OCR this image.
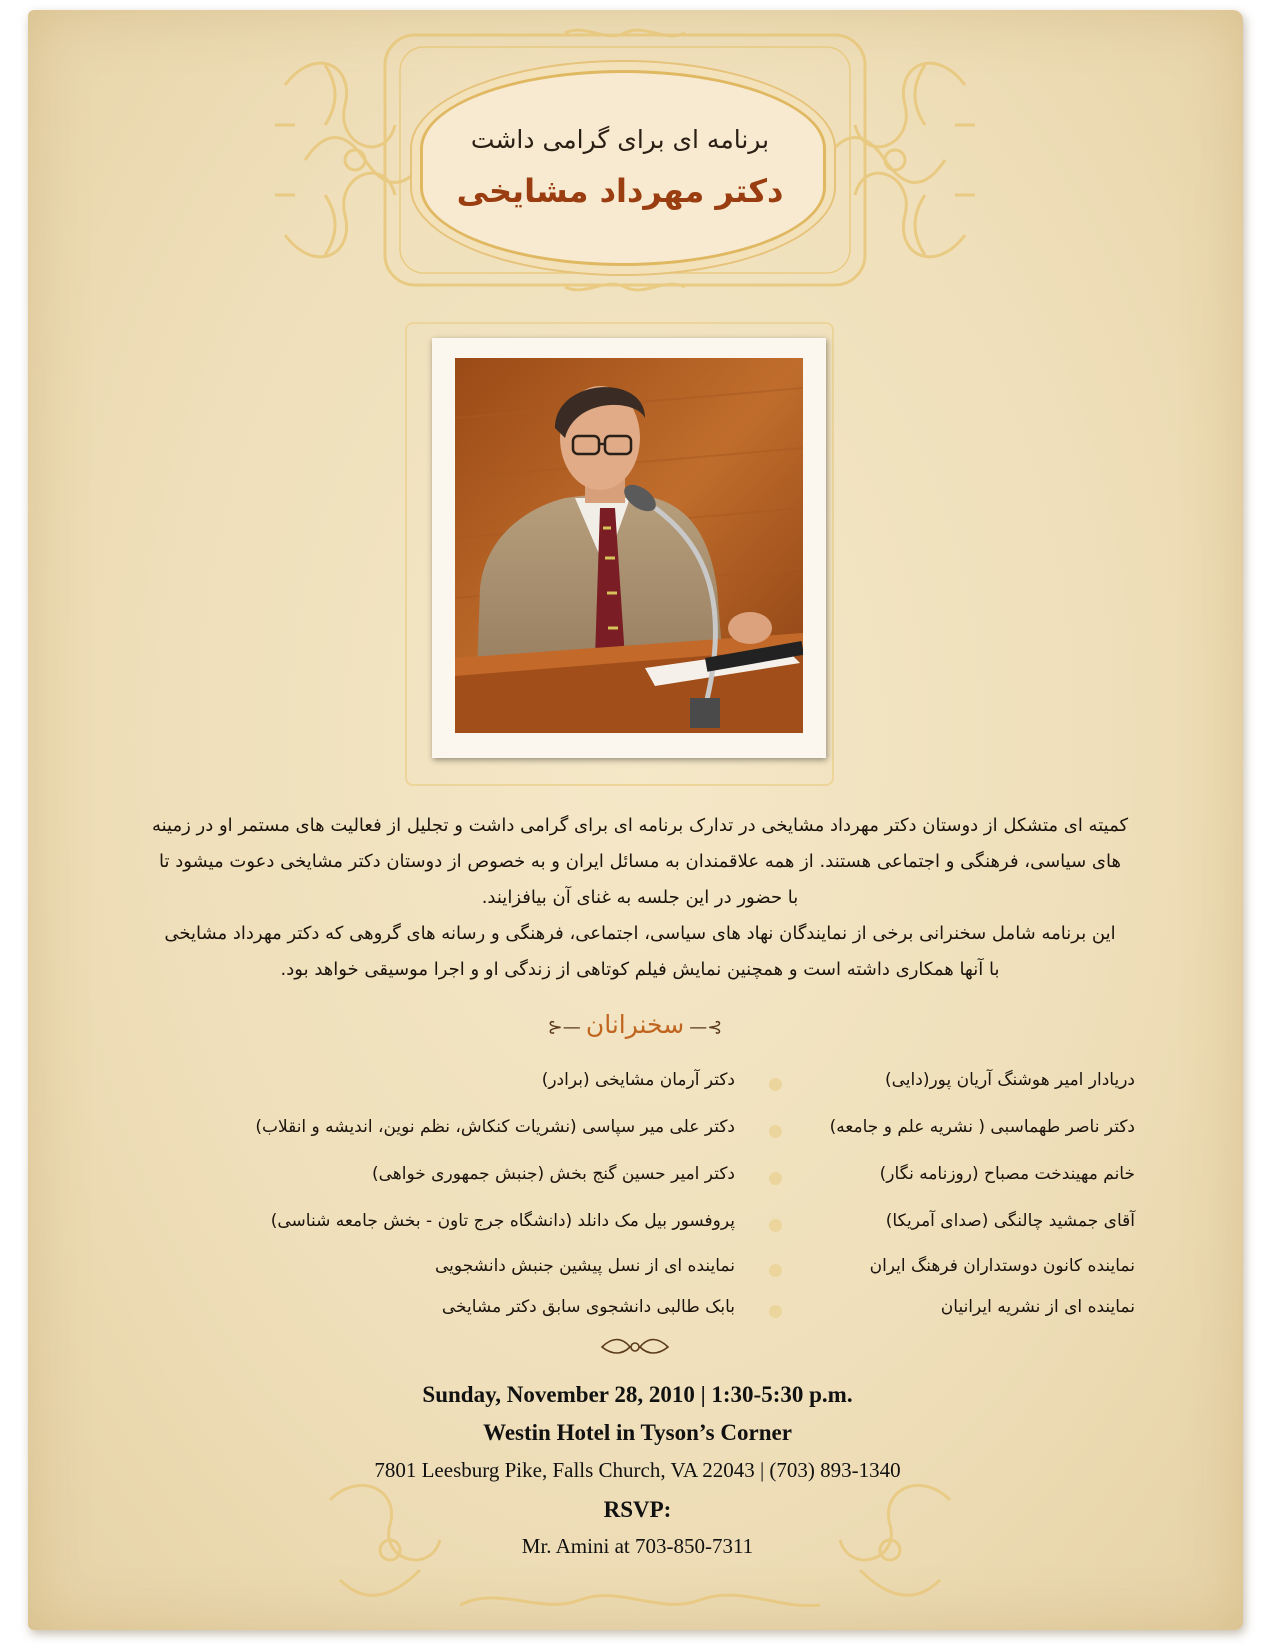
برنامه ای برای گرامی داشت
دکتر مهرداد مشایخی

کمیته ای متشکل از دوستان دکتر مهرداد مشایخی در تدارک برنامه ای برای گرامی داشت و تجلیل از فعالیت های مستمر او در زمینه

های سیاسی، فرهنگی و اجتماعی هستند. از همه علاقمندان به مسائل ایران و به خصوص از دوستان دکتر مشایخی دعوت میشود تا

با حضور در این جلسه به غنای آن بیافزایند.

این برنامه شامل سخنرانی برخی از نمایندگان نهاد های سیاسی، اجتماعی، فرهنگی و رسانه های گروهی که دکتر مهرداد مشایخی

با آنها همکاری داشته است و همچنین نمایش فیلم کوتاهی از زندگی او و اجرا موسیقی خواهد بود.

⊱— سخنرانان —⊰
دریادار امیر هوشنگ آریان پور(دایی)
دکتر ناصر طهماسبی ( نشریه علم و جامعه)
خانم مهیندخت مصباح (روزنامه نگار)
آقای جمشید چالنگی (صدای آمریکا)
نماینده کانون دوستداران فرهنگ ایران
نماینده ای از نشریه ایرانیان
دکتر آرمان مشایخی (برادر)
دکتر علی میر سپاسی (نشریات کنکاش، نظم نوین، اندیشه و انقلاب)
دکتر امیر حسین گنج بخش (جنبش جمهوری خواهی)
پروفسور بیل مک دانلد (دانشگاه جرج تاون - بخش جامعه شناسی)
نماینده ای از نسل پیشین جنبش دانشجویی
بابک طالبی دانشجوی سابق دکتر مشایخی
Sunday, November 28, 2010 | 1:30-5:30 p.m.
Westin Hotel in Tyson’s Corner
7801 Leesburg Pike, Falls Church, VA 22043 | (703) 893-1340
RSVP:
Mr. Amini at 703-850-7311
